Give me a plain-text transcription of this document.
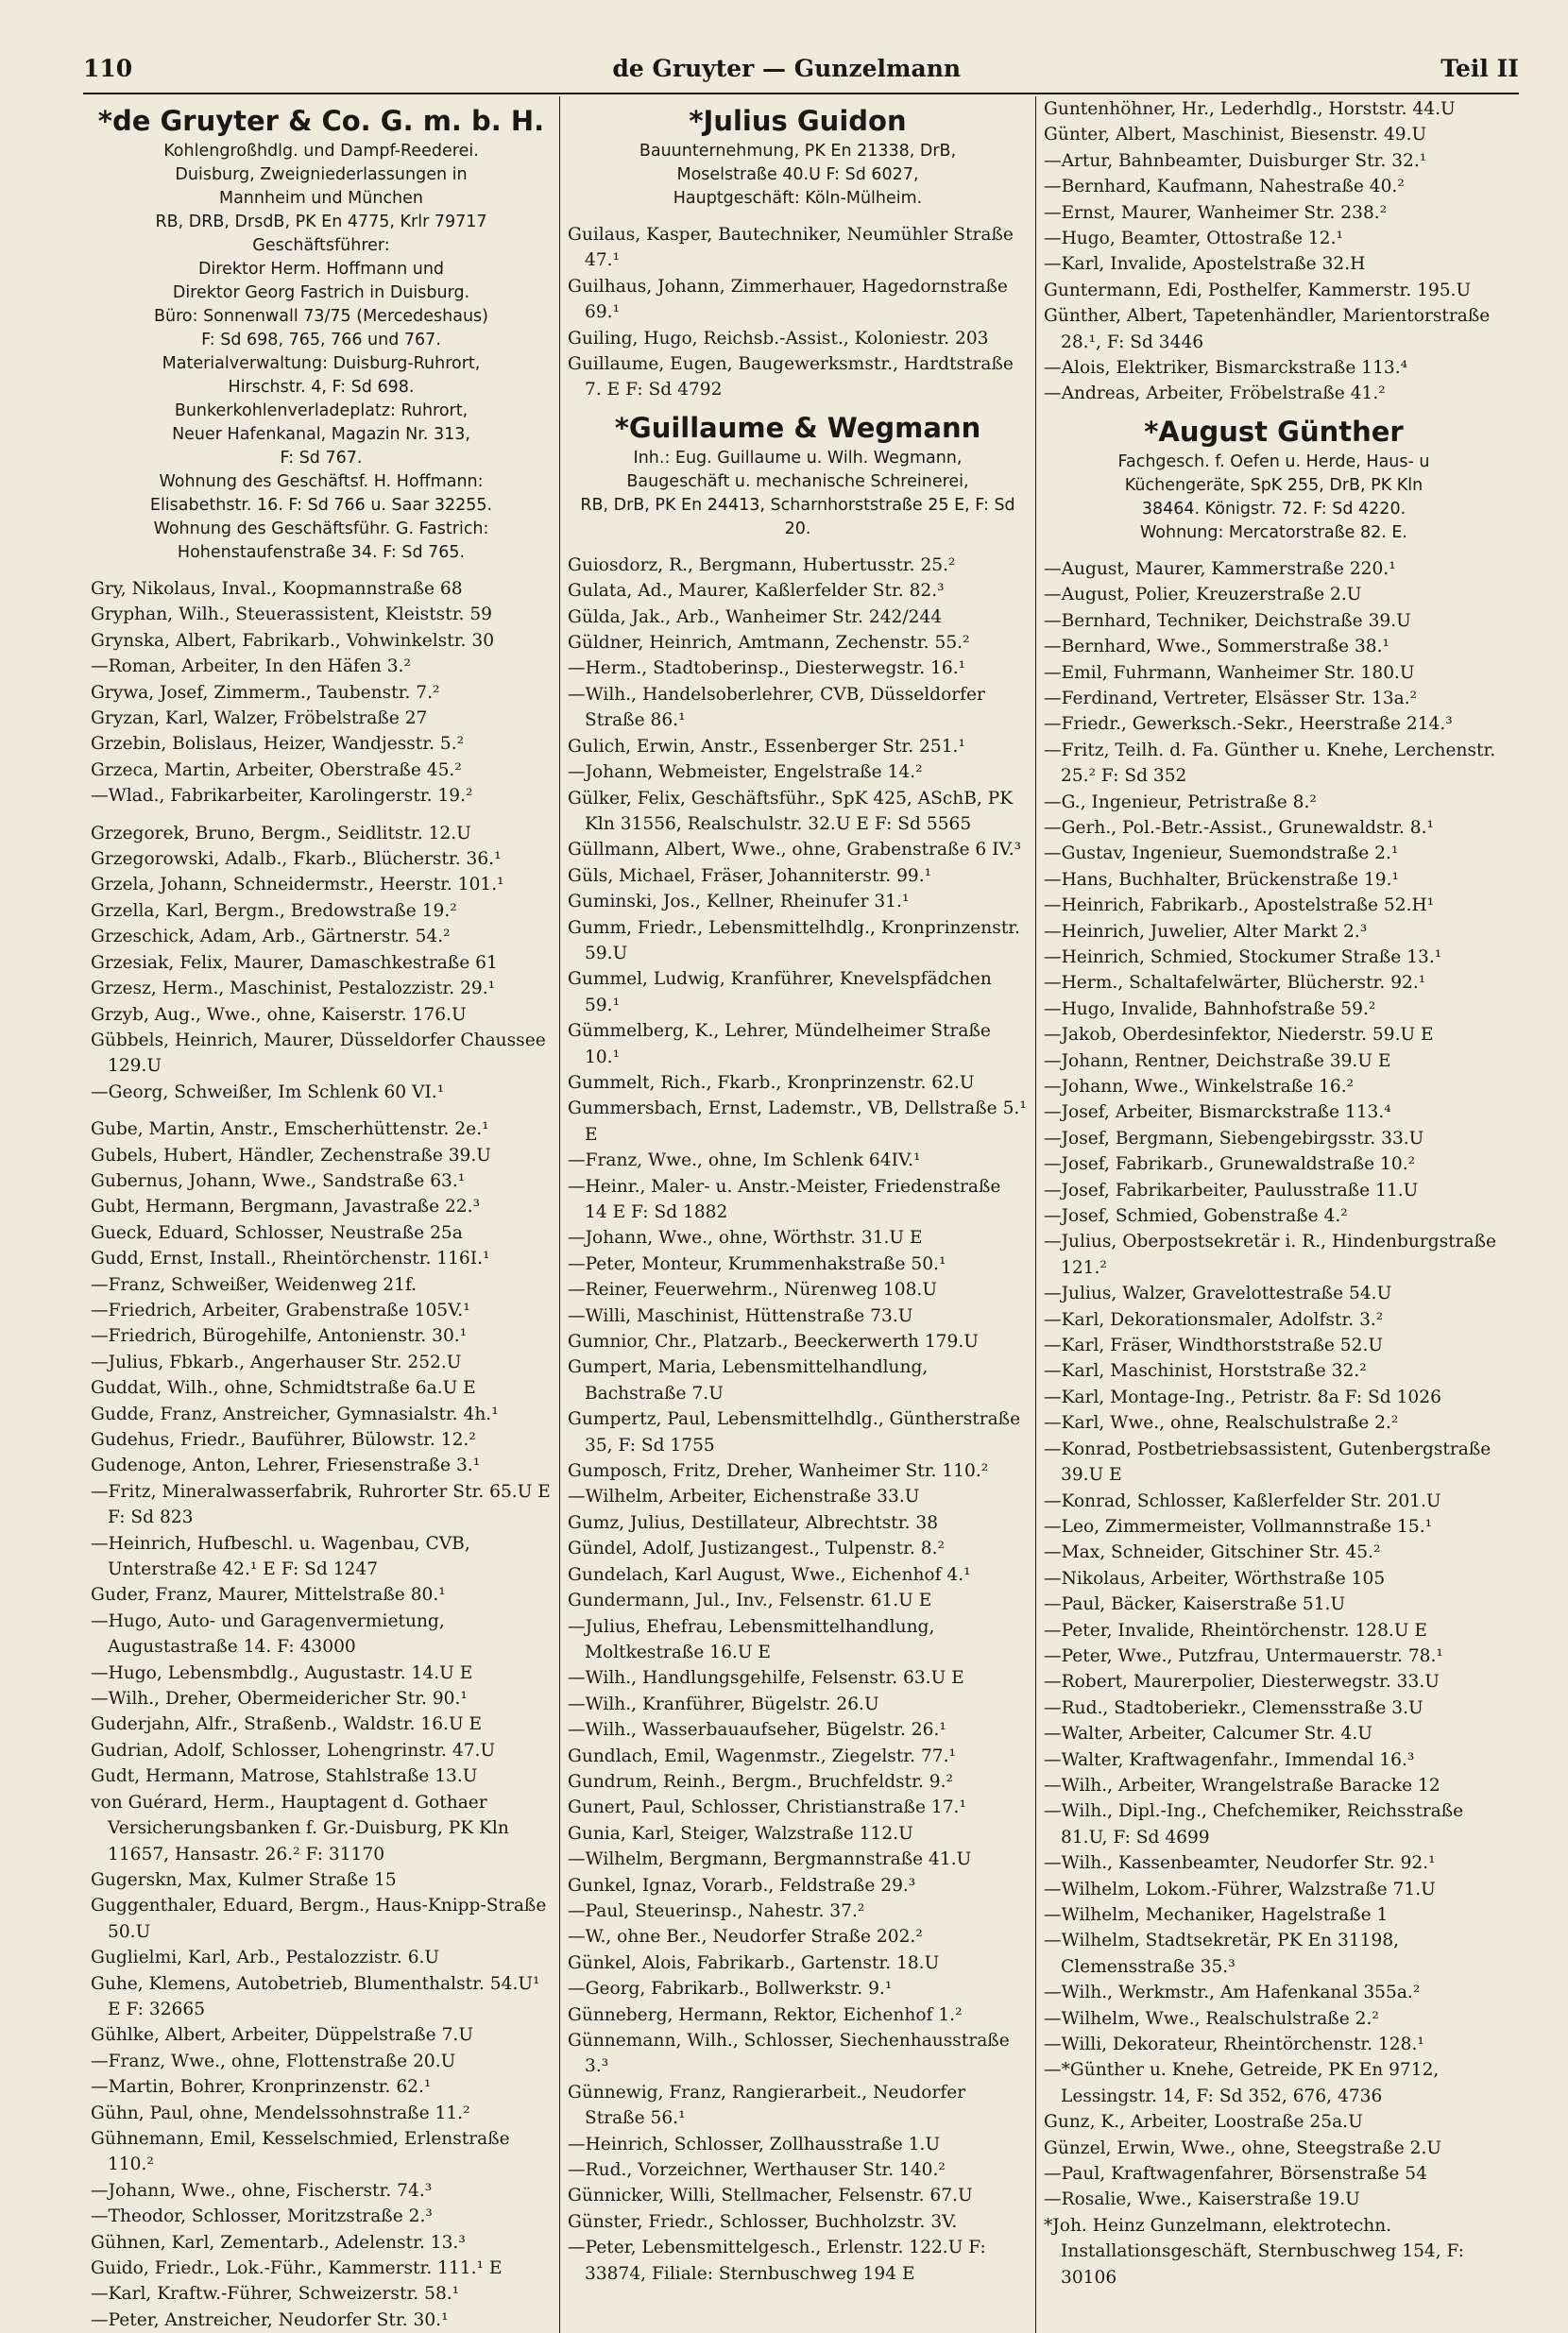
110	de Gruyter — Gunzelmann	Teil II
*de Gruyter & Co. G. m. b. H.
Kohlengroßhdlg. und Dampf-Reederei.
Duisburg, Zweigniederlassungen in
Mannheim und München
RB, DRB, DrsdB, PK En 4775, Krlr 79717
Geschäftsführer:
Direktor Herm. Hoffmann und
Direktor Georg Fastrich in Duisburg.
Büro: Sonnenwall 73/75 (Mercedeshaus)
F: Sd 698, 765, 766 und 767.
Materialverwaltung: Duisburg-Ruhrort,
Hirschstr. 4, F: Sd 698.
Bunkerkohlenverladeplatz: Ruhrort,
Neuer Hafenkanal, Magazin Nr. 313,
F: Sd 767.
Wohnung des Geschäftsf. H. Hoffmann:
Elisabethstr. 16. F: Sd 766 u. Saar 32255.
Wohnung des Geschäftsführ. G. Fastrich:
Hohenstaufenstraße 34. F: Sd 765.
Gry, Nikolaus, Inval., Koopmannstraße 68
Gryphan, Wilh., Steuerassistent, Kleiststr. 59
Grynska, Albert, Fabrikarb., Vohwinkelstr. 30
—Roman, Arbeiter, In den Häfen 3.²
Grywa, Josef, Zimmerm., Taubenstr. 7.²
Gryzan, Karl, Walzer, Fröbelstraße 27
Grzebin, Bolislaus, Heizer, Wandjesstr. 5.²
Grzeca, Martin, Arbeiter, Oberstraße 45.²
—Wlad., Fabrikarbeiter, Karolingerstr. 19.²
Grzegorek, Bruno, Bergm., Seidlitstr. 12.U
Grzegorowski, Adalb., Fkarb., Blücherstr. 36.¹
Grzela, Johann, Schneidermstr., Heerstr. 101.¹
Grzella, Karl, Bergm., Bredowstraße 19.²
Grzeschick, Adam, Arb., Gärtnerstr. 54.²
Grzesiak, Felix, Maurer, Damaschkestraße 61
Grzesz, Herm., Maschinist, Pestalozzistr. 29.¹
Grzyb, Aug., Wwe., ohne, Kaiserstr. 176.U
Gübbels, Heinrich, Maurer, Düsseldorfer Chaussee 129.U
—Georg, Schweißer, Im Schlenk 60 VI.¹
Gube, Martin, Anstr., Emscherhüttenstr. 2e.¹
Gubels, Hubert, Händler, Zechenstraße 39.U
Gubernus, Johann, Wwe., Sandstraße 63.¹
Gubt, Hermann, Bergmann, Javastraße 22.³
Gueck, Eduard, Schlosser, Neustraße 25a
Gudd, Ernst, Install., Rheintörchenstr. 116I.¹
—Franz, Schweißer, Weidenweg 21f.
—Friedrich, Arbeiter, Grabenstraße 105V.¹
—Friedrich, Bürogehilfe, Antonienstr. 30.¹
—Julius, Fbkarb., Angerhauser Str. 252.U
Guddat, Wilh., ohne, Schmidtstraße 6a.U E
Gudde, Franz, Anstreicher, Gymnasialstr. 4h.¹
Gudehus, Friedr., Bauführer, Bülowstr. 12.²
Gudenoge, Anton, Lehrer, Friesenstraße 3.¹
—Fritz, Mineralwasserfabrik, Ruhrorter Str. 65.U E F: Sd 823
—Heinrich, Hufbeschl. u. Wagenbau, CVB, Unterstraße 42.¹ E F: Sd 1247
Guder, Franz, Maurer, Mittelstraße 80.¹
—Hugo, Auto- und Garagenvermietung, Augustastraße 14. F: 43000
—Hugo, Lebensmbdlg., Augustastr. 14.U E
—Wilh., Dreher, Obermeidericher Str. 90.¹
Guderjahn, Alfr., Straßenb., Waldstr. 16.U E
Gudrian, Adolf, Schlosser, Lohengrinstr. 47.U
Gudt, Hermann, Matrose, Stahlstraße 13.U
von Guérard, Herm., Hauptagent d. Gothaer Versicherungsbanken f. Gr.-Duisburg, PK Kln 11657, Hansastr. 26.² F: 31170
Gugerskn, Max, Kulmer Straße 15
Guggenthaler, Eduard, Bergm., Haus-Knipp-Straße 50.U
Guglielmi, Karl, Arb., Pestalozzistr. 6.U
Guhe, Klemens, Autobetrieb, Blumenthalstr. 54.U¹ E F: 32665
Gühlke, Albert, Arbeiter, Düppelstraße 7.U
—Franz, Wwe., ohne, Flottenstraße 20.U
—Martin, Bohrer, Kronprinzenstr. 62.¹
Gühn, Paul, ohne, Mendelssohnstraße 11.²
Gühnemann, Emil, Kesselschmied, Erlenstraße 110.²
—Johann, Wwe., ohne, Fischerstr. 74.³
—Theodor, Schlosser, Moritzstraße 2.³
Gühnen, Karl, Zementarb., Adelenstr. 13.³
Guido, Friedr., Lok.-Führ., Kammerstr. 111.¹ E
—Karl, Kraftw.-Führer, Schweizerstr. 58.¹
—Peter, Anstreicher, Neudorfer Str. 30.¹
*Julius Guidon
Bauunternehmung, PK En 21338, DrB,
Moselstraße 40.U F: Sd 6027,
Hauptgeschäft: Köln-Mülheim.
Guilaus, Kasper, Bautechniker, Neumühler Straße 47.¹
Guilhaus, Johann, Zimmerhauer, Hagedornstraße 69.¹
Guiling, Hugo, Reichsb.-Assist., Koloniestr. 203
Guillaume, Eugen, Baugewerksmstr., Hardtstraße 7. E F: Sd 4792
*Guillaume & Wegmann
Inh.: Eug. Guillaume u. Wilh. Wegmann,
Baugeschäft u. mechanische Schreinerei,
RB, DrB, PK En 24413, Scharnhorststraße 25 E, F: Sd 20.
Guiosdorz, R., Bergmann, Hubertusstr. 25.²
Gulata, Ad., Maurer, Kaßlerfelder Str. 82.³
Gülda, Jak., Arb., Wanheimer Str. 242/244
Güldner, Heinrich, Amtmann, Zechenstr. 55.²
—Herm., Stadtoberinsp., Diesterwegstr. 16.¹
—Wilh., Handelsoberlehrer, CVB, Düsseldorfer Straße 86.¹
Gulich, Erwin, Anstr., Essenberger Str. 251.¹
—Johann, Webmeister, Engelstraße 14.²
Gülker, Felix, Geschäftsführ., SpK 425, ASchB, PK Kln 31556, Realschulstr. 32.U E F: Sd 5565
Güllmann, Albert, Wwe., ohne, Grabenstraße 6 IV.³
Güls, Michael, Fräser, Johanniterstr. 99.¹
Guminski, Jos., Kellner, Rheinufer 31.¹
Gumm, Friedr., Lebensmittelhdlg., Kronprinzenstr. 59.U
Gummel, Ludwig, Kranführer, Knevelspfädchen 59.¹
Gümmelberg, K., Lehrer, Mündelheimer Straße 10.¹
Gummelt, Rich., Fkarb., Kronprinzenstr. 62.U
Gummersbach, Ernst, Lademstr., VB, Dellstraße 5.¹ E
—Franz, Wwe., ohne, Im Schlenk 64IV.¹
—Heinr., Maler- u. Anstr.-Meister, Friedenstraße 14 E F: Sd 1882
—Johann, Wwe., ohne, Wörthstr. 31.U E
—Peter, Monteur, Krummenhakstraße 50.¹
—Reiner, Feuerwehrm., Nürenweg 108.U
—Willi, Maschinist, Hüttenstraße 73.U
Gumnior, Chr., Platzarb., Beeckerwerth 179.U
Gumpert, Maria, Lebensmittelhandlung, Bachstraße 7.U
Gumpertz, Paul, Lebensmittelhdlg., Güntherstraße 35, F: Sd 1755
Gumposch, Fritz, Dreher, Wanheimer Str. 110.²
—Wilhelm, Arbeiter, Eichenstraße 33.U
Gumz, Julius, Destillateur, Albrechtstr. 38
Gündel, Adolf, Justizangest., Tulpenstr. 8.²
Gundelach, Karl August, Wwe., Eichenhof 4.¹
Gundermann, Jul., Inv., Felsenstr. 61.U E
—Julius, Ehefrau, Lebensmittelhandlung, Moltkestraße 16.U E
—Wilh., Handlungsgehilfe, Felsenstr. 63.U E
—Wilh., Kranführer, Bügelstr. 26.U
—Wilh., Wasserbauaufseher, Bügelstr. 26.¹
Gundlach, Emil, Wagenmstr., Ziegelstr. 77.¹
Gundrum, Reinh., Bergm., Bruchfeldstr. 9.²
Gunert, Paul, Schlosser, Christianstraße 17.¹
Gunia, Karl, Steiger, Walzstraße 112.U
—Wilhelm, Bergmann, Bergmannstraße 41.U
Gunkel, Ignaz, Vorarb., Feldstraße 29.³
—Paul, Steuerinsp., Nahestr. 37.²
—W., ohne Ber., Neudorfer Straße 202.²
Günkel, Alois, Fabrikarb., Gartenstr. 18.U
—Georg, Fabrikarb., Bollwerkstr. 9.¹
Günneberg, Hermann, Rektor, Eichenhof 1.²
Günnemann, Wilh., Schlosser, Siechenhausstraße 3.³
Günnewig, Franz, Rangierarbeit., Neudorfer Straße 56.¹
—Heinrich, Schlosser, Zollhausstraße 1.U
—Rud., Vorzeichner, Werthauser Str. 140.²
Günnicker, Willi, Stellmacher, Felsenstr. 67.U
Günster, Friedr., Schlosser, Buchholzstr. 3V.
—Peter, Lebensmittelgesch., Erlenstr. 122.U F: 33874, Filiale: Sternbuschweg 194 E
Guntenhöhner, Hr., Lederhdlg., Horststr. 44.U
Günter, Albert, Maschinist, Biesenstr. 49.U
—Artur, Bahnbeamter, Duisburger Str. 32.¹
—Bernhard, Kaufmann, Nahestraße 40.²
—Ernst, Maurer, Wanheimer Str. 238.²
—Hugo, Beamter, Ottostraße 12.¹
—Karl, Invalide, Apostelstraße 32.H
Guntermann, Edi, Posthelfer, Kammerstr. 195.U
Günther, Albert, Tapetenhändler, Marientorstraße 28.¹, F: Sd 3446
—Alois, Elektriker, Bismarckstraße 113.⁴
—Andreas, Arbeiter, Fröbelstraße 41.²
*August Günther
Fachgesch. f. Oefen u. Herde, Haus- u
Küchengeräte, SpK 255, DrB, PK Kln
38464. Königstr. 72. F: Sd 4220.
Wohnung: Mercatorstraße 82. E.
—August, Maurer, Kammerstraße 220.¹
—August, Polier, Kreuzerstraße 2.U
—Bernhard, Techniker, Deichstraße 39.U
—Bernhard, Wwe., Sommerstraße 38.¹
—Emil, Fuhrmann, Wanheimer Str. 180.U
—Ferdinand, Vertreter, Elsässer Str. 13a.²
—Friedr., Gewerksch.-Sekr., Heerstraße 214.³
—Fritz, Teilh. d. Fa. Günther u. Knehe, Lerchenstr. 25.² F: Sd 352
—G., Ingenieur, Petristraße 8.²
—Gerh., Pol.-Betr.-Assist., Grunewaldstr. 8.¹
—Gustav, Ingenieur, Suemondstraße 2.¹
—Hans, Buchhalter, Brückenstraße 19.¹
—Heinrich, Fabrikarb., Apostelstraße 52.H¹
—Heinrich, Juwelier, Alter Markt 2.³
—Heinrich, Schmied, Stockumer Straße 13.¹
—Herm., Schaltafelwärter, Blücherstr. 92.¹
—Hugo, Invalide, Bahnhofstraße 59.²
—Jakob, Oberdesinfektor, Niederstr. 59.U E
—Johann, Rentner, Deichstraße 39.U E
—Johann, Wwe., Winkelstraße 16.²
—Josef, Arbeiter, Bismarckstraße 113.⁴
—Josef, Bergmann, Siebengebirgsstr. 33.U
—Josef, Fabrikarb., Grunewaldstraße 10.²
—Josef, Fabrikarbeiter, Paulusstraße 11.U
—Josef, Schmied, Gobenstraße 4.²
—Julius, Oberpostsekretär i. R., Hindenburgstraße 121.²
—Julius, Walzer, Gravelottestraße 54.U
—Karl, Dekorationsmaler, Adolfstr. 3.²
—Karl, Fräser, Windthorststraße 52.U
—Karl, Maschinist, Horststraße 32.²
—Karl, Montage-Ing., Petristr. 8a F: Sd 1026
—Karl, Wwe., ohne, Realschulstraße 2.²
—Konrad, Postbetriebsassistent, Gutenbergstraße 39.U E
—Konrad, Schlosser, Kaßlerfelder Str. 201.U
—Leo, Zimmermeister, Vollmannstraße 15.¹
—Max, Schneider, Gitschiner Str. 45.²
—Nikolaus, Arbeiter, Wörthstraße 105
—Paul, Bäcker, Kaiserstraße 51.U
—Peter, Invalide, Rheintörchenstr. 128.U E
—Peter, Wwe., Putzfrau, Untermauerstr. 78.¹
—Robert, Maurerpolier, Diesterwegstr. 33.U
—Rud., Stadtoberiekr., Clemensstraße 3.U
—Walter, Arbeiter, Calcumer Str. 4.U
—Walter, Kraftwagenfahr., Immendal 16.³
—Wilh., Arbeiter, Wrangelstraße Baracke 12
—Wilh., Dipl.-Ing., Chefchemiker, Reichsstraße 81.U, F: Sd 4699
—Wilh., Kassenbeamter, Neudorfer Str. 92.¹
—Wilhelm, Lokom.-Führer, Walzstraße 71.U
—Wilhelm, Mechaniker, Hagelstraße 1
—Wilhelm, Stadtsekretär, PK En 31198, Clemensstraße 35.³
—Wilh., Werkmstr., Am Hafenkanal 355a.²
—Wilhelm, Wwe., Realschulstraße 2.²
—Willi, Dekorateur, Rheintörchenstr. 128.¹
—*Günther u. Knehe, Getreide, PK En 9712, Lessingstr. 14, F: Sd 352, 676, 4736
Gunz, K., Arbeiter, Loostraße 25a.U
Günzel, Erwin, Wwe., ohne, Steegstraße 2.U
—Paul, Kraftwagenfahrer, Börsenstraße 54
—Rosalie, Wwe., Kaiserstraße 19.U
*Joh. Heinz Gunzelmann, elektrotechn. Installationsgeschäft, Sternbuschweg 154, F: 30106
